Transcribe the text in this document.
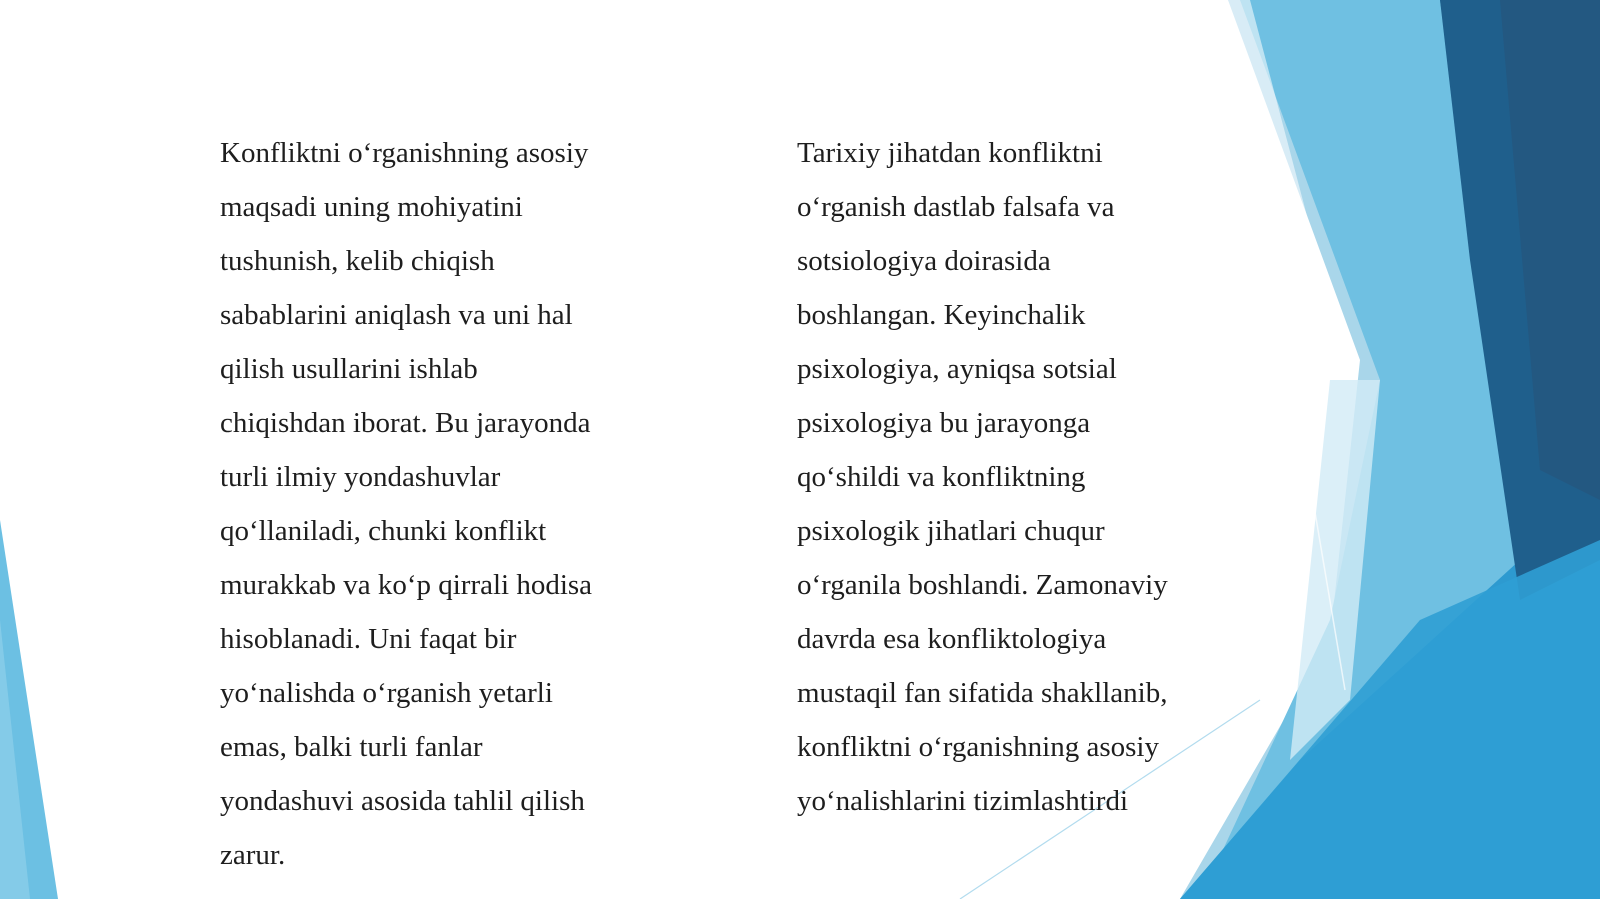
Konfliktni o‘rganishning asosiy
maqsadi uning mohiyatini
tushunish, kelib chiqish
sabablarini aniqlash va uni hal
qilish usullarini ishlab
chiqishdan iborat. Bu jarayonda
turli ilmiy yondashuvlar
qo‘llaniladi, chunki konflikt
murakkab va ko‘p qirrali hodisa
hisoblanadi. Uni faqat bir
yo‘nalishda o‘rganish yetarli
emas, balki turli fanlar
yondashuvi asosida tahlil qilish
zarur.
Tarixiy jihatdan konfliktni
o‘rganish dastlab falsafa va
sotsiologiya doirasida
boshlangan. Keyinchalik
psixologiya, ayniqsa sotsial
psixologiya bu jarayonga
qo‘shildi va konfliktning
psixologik jihatlari chuqur
o‘rganila boshlandi. Zamonaviy
davrda esa konfliktologiya
mustaqil fan sifatida shakllanib,
konfliktni o‘rganishning asosiy
yo‘nalishlarini tizimlashtirdi
